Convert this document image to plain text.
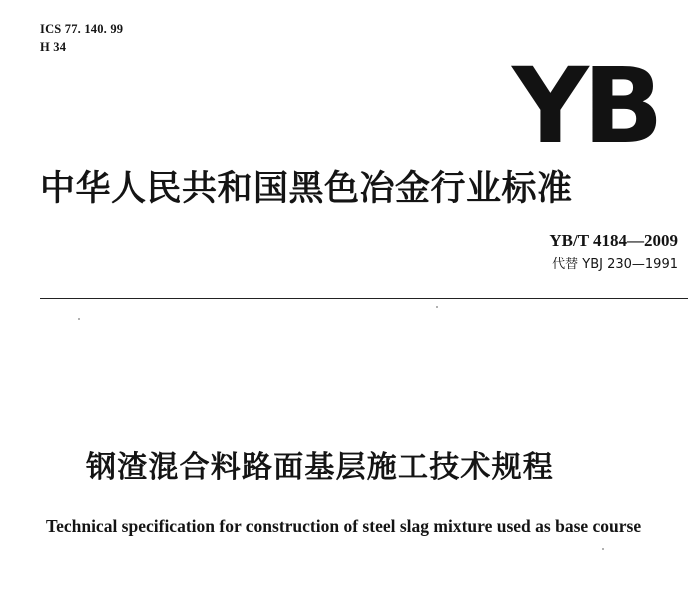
ICS 77. 140. 99
H 34	YB
中华人民共和国黑色冶金行业标准
YB/T 4184—2009
代替 YBJ 230—1991
钢渣混合料路面基层施工技术规程
Technical specification for construction of steel slag mixture used as base course
